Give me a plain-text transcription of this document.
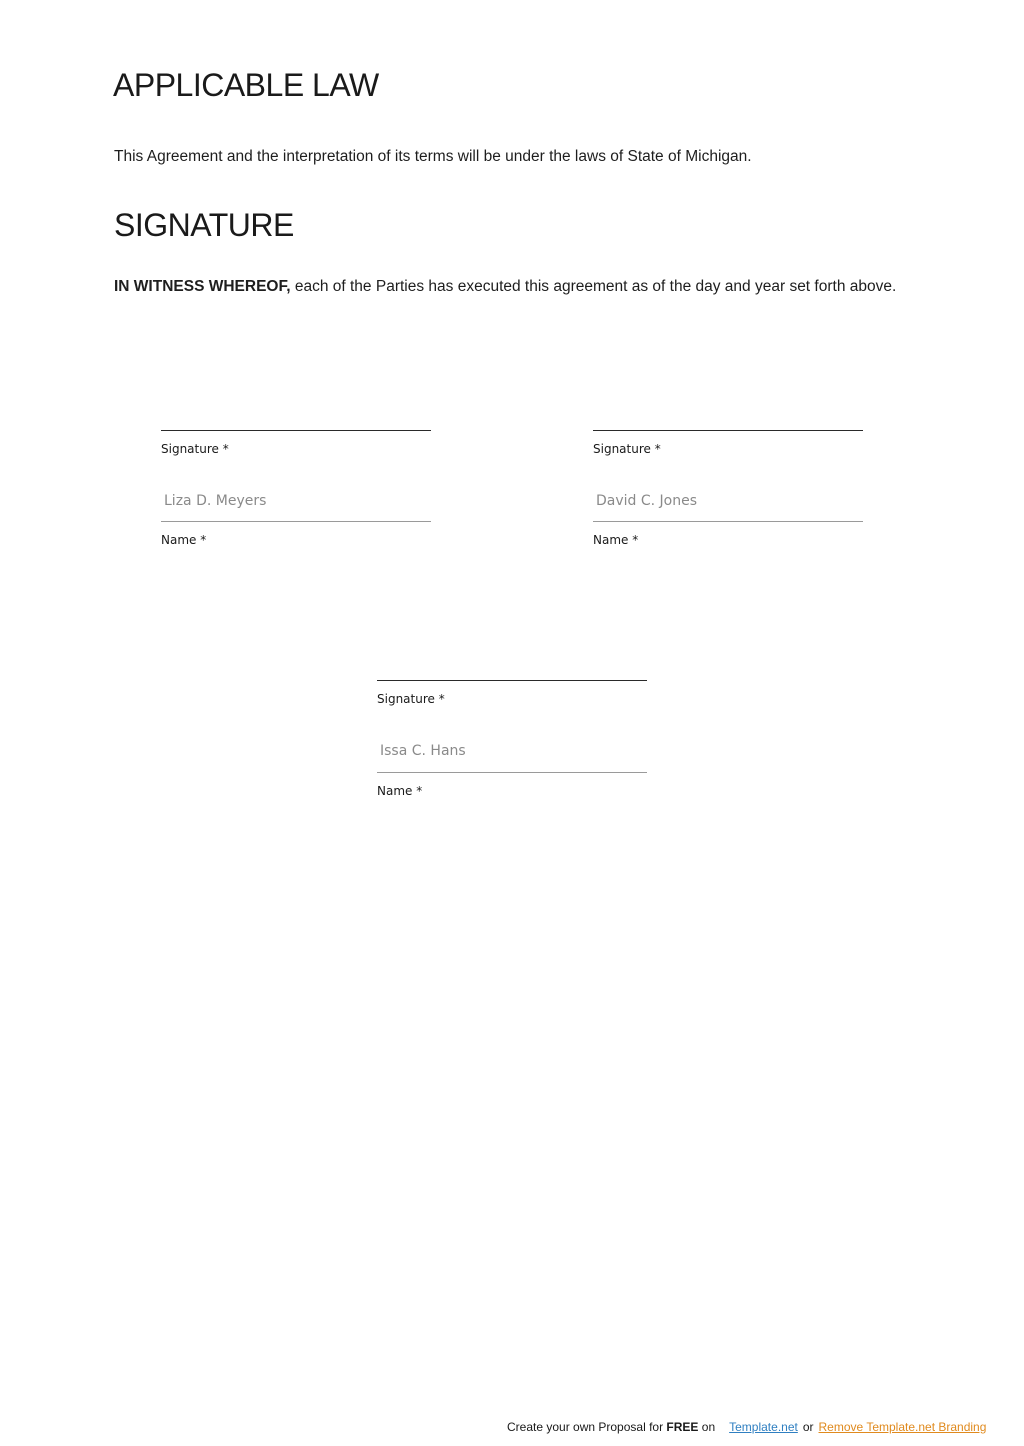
APPLICABLE LAW

This Agreement and the interpretation of its terms will be under the laws of State of Michigan.

SIGNATURE

IN WITNESS WHEREOF, each of the Parties has executed this agreement as of the day and year set forth above.

Signature *
Liza D. Meyers
Name *
Signature *
David C. Jones
Name *
Signature *
Issa C. Hans
Name *
Create your own Proposal for FREE on Template.net or Remove Template.net Branding
